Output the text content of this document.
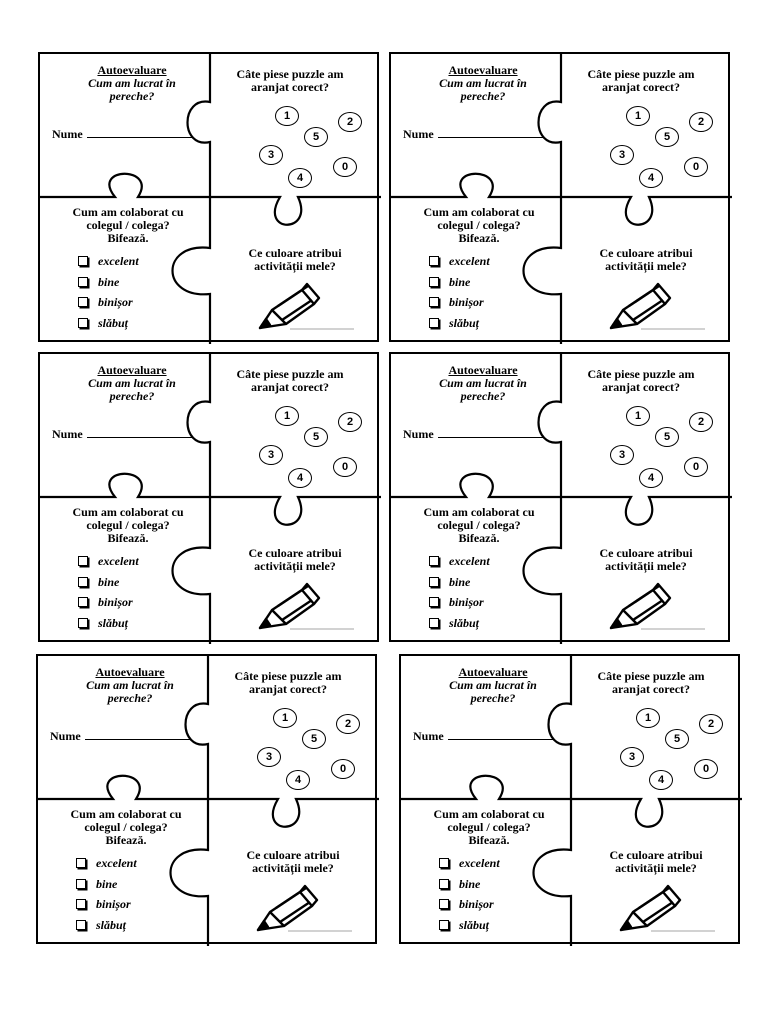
Autoevaluare
Cum am lucrat în
pereche?
Câte piese puzzle am
aranjat corect?
Nume
1	2
5
3
0
4
Cum am colaborat cu
colegul / colega?
Bifează.
excelent
bine
binișor
slăbuț
Ce culoare atribui
activității mele?
Autoevaluare
Cum am lucrat în
pereche?
Câte piese puzzle am
aranjat corect?
Nume
1	2
5
3
0
4
Cum am colaborat cu
colegul / colega?
Bifează.
excelent
bine
binișor
slăbuț
Ce culoare atribui
activității mele?
Autoevaluare
Cum am lucrat în
pereche?
Câte piese puzzle am
aranjat corect?
Nume
1	2
5
3
0
4
Cum am colaborat cu
colegul / colega?
Bifează.
excelent
bine
binișor
slăbuț
Ce culoare atribui
activității mele?
Autoevaluare
Cum am lucrat în
pereche?
Câte piese puzzle am
aranjat corect?
Nume
1	2
5
3
0
4
Cum am colaborat cu
colegul / colega?
Bifează.
excelent
bine
binișor
slăbuț
Ce culoare atribui
activității mele?
Autoevaluare
Cum am lucrat în
pereche?
Câte piese puzzle am
aranjat corect?
Nume
1	2
5
3
0
4
Cum am colaborat cu
colegul / colega?
Bifează.
excelent
bine
binișor
slăbuț
Ce culoare atribui
activității mele?
Autoevaluare
Cum am lucrat în
pereche?
Câte piese puzzle am
aranjat corect?
Nume
1	2
5
3
0
4
Cum am colaborat cu
colegul / colega?
Bifează.
excelent
bine
binișor
slăbuț
Ce culoare atribui
activității mele?
